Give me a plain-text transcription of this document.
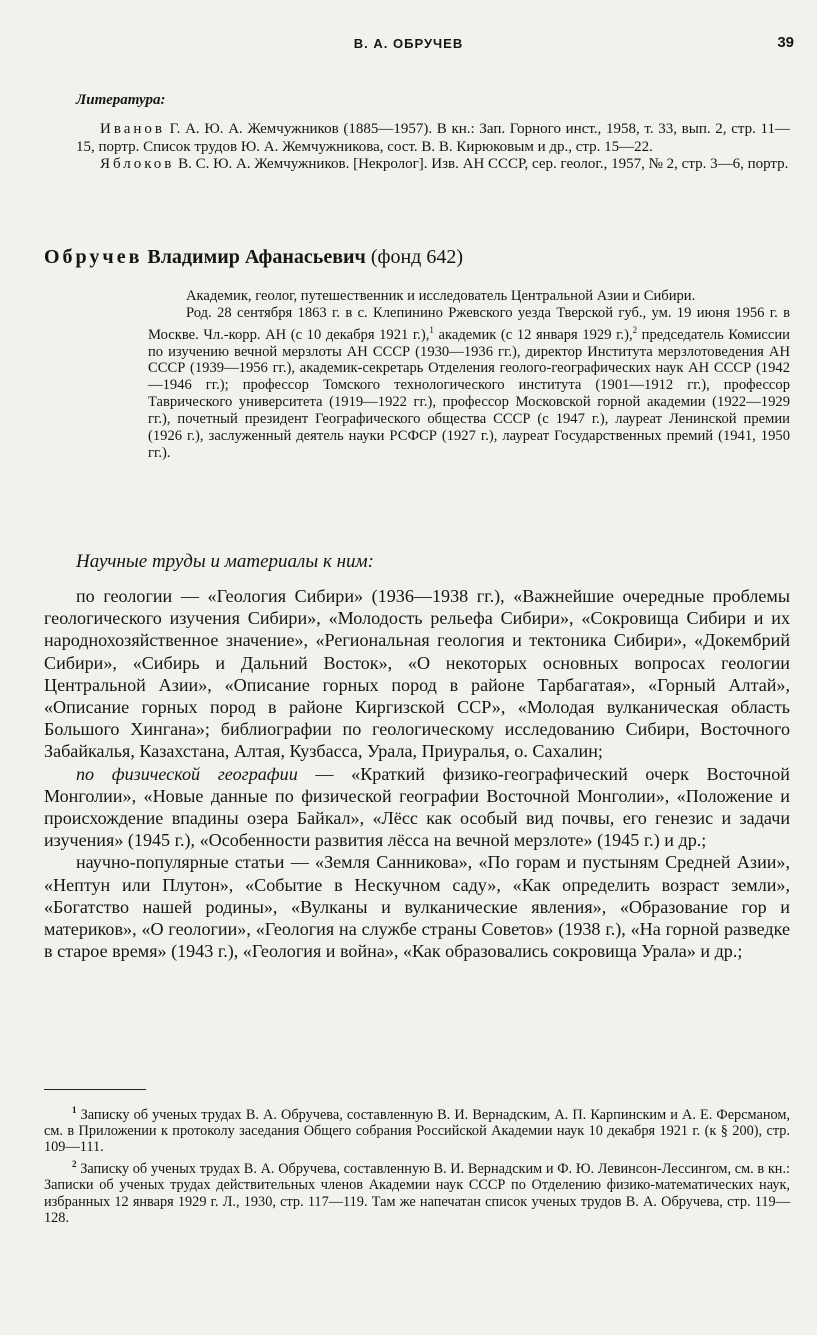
В. А. ОБРУЧЕВ	39
Литература:

Иванов Г. А. Ю. А. Жемчужников (1885—1957). В кн.: Зап. Горного инст., 1958, т. 33, вып. 2, стр. 11—15, портр. Список трудов Ю. А. Жемчужникова, сост. В. В. Кирюковым и др., стр. 15—22.

Яблоков В. С. Ю. А. Жемчужников. [Некролог]. Изв. АН СССР, сер. геолог., 1957, № 2, стр. 3—6, портр.

Обручев Владимир Афанасьевич (фонд 642)

Академик, геолог, путешественник и исследователь Центральной Азии и Сибири.

Род. 28 сентября 1863 г. в с. Клепинино Ржевского уезда Тверской губ., ум. 19 июня 1956 г. в Москве. Чл.-корр. АН (с 10 декабря 1921 г.),$^1$ академик (с 12 января 1929 г.),$^2$ председатель Комиссии по изучению вечной мерзлоты АН СССР (1930—1936 гг.), директор Института мерзлотоведения АН СССР (1939—1956 гг.), академик-секретарь Отделения геолого-географических наук АН СССР (1942—1946 гг.); профессор Томского технологического института (1901—1912 гг.), профессор Таврического университета (1919—1922 гг.), профессор Московской горной академии (1922—1929 гг.), почетный президент Географического общества СССР (с 1947 г.), лауреат Ленинской премии (1926 г.), заслуженный деятель науки РСФСР (1927 г.), лауреат Государственных премий (1941, 1950 гг.).

Научные труды и материалы к ним:

по геологии — «Геология Сибири» (1936—1938 гг.), «Важнейшие очередные проблемы геологического изучения Сибири», «Молодость рельефа Сибири», «Сокровища Сибири и их народнохозяйственное значение», «Региональная геология и тектоника Сибири», «Докембрий Сибири», «Сибирь и Дальний Восток», «О некоторых основных вопросах геологии Центральной Азии», «Описание горных пород в районе Тарбагатая», «Горный Алтай», «Описание горных пород в районе Киргизской ССР», «Молодая вулканическая область Большого Хингана»; библиографии по геологическому исследованию Сибири, Восточного Забайкалья, Казахстана, Алтая, Кузбасса, Урала, Приуралья, о. Сахалин;

по физической географии — «Краткий физико-географический очерк Восточной Монголии», «Новые данные по физической географии Восточной Монголии», «Положение и происхождение впадины озера Байкал», «Лёсс как особый вид почвы, его генезис и задачи изучения» (1945 г.), «Особенности развития лёсса на вечной мерзлоте» (1945 г.) и др.;

научно-популярные статьи — «Земля Санникова», «По горам и пустыням Средней Азии», «Нептун или Плутон», «Событие в Нескучном саду», «Как определить возраст земли», «Богатство нашей родины», «Вулканы и вулканические явления», «Образование гор и материков», «О геологии», «Геология на службе страны Советов» (1938 г.), «На горной разведке в старое время» (1943 г.), «Геология и война», «Как образовались сокровища Урала» и др.;

$^1$ Записку об ученых трудах В. А. Обручева, составленную В. И. Вернадским, А. П. Карпинским и А. Е. Ферсманом, см. в Приложении к протоколу заседания Общего собрания Российской Академии наук 10 декабря 1921 г. (к § 200), стр. 109—111.

$^2$ Записку об ученых трудах В. А. Обручева, составленную В. И. Вернадским и Ф. Ю. Левинсон-Лессингом, см. в кн.: Записки об ученых трудах действительных членов Академии наук СССР по Отделению физико-математических наук, избранных 12 января 1929 г. Л., 1930, стр. 117—119. Там же напечатан список ученых трудов В. А. Обручева, стр. 119—128.
